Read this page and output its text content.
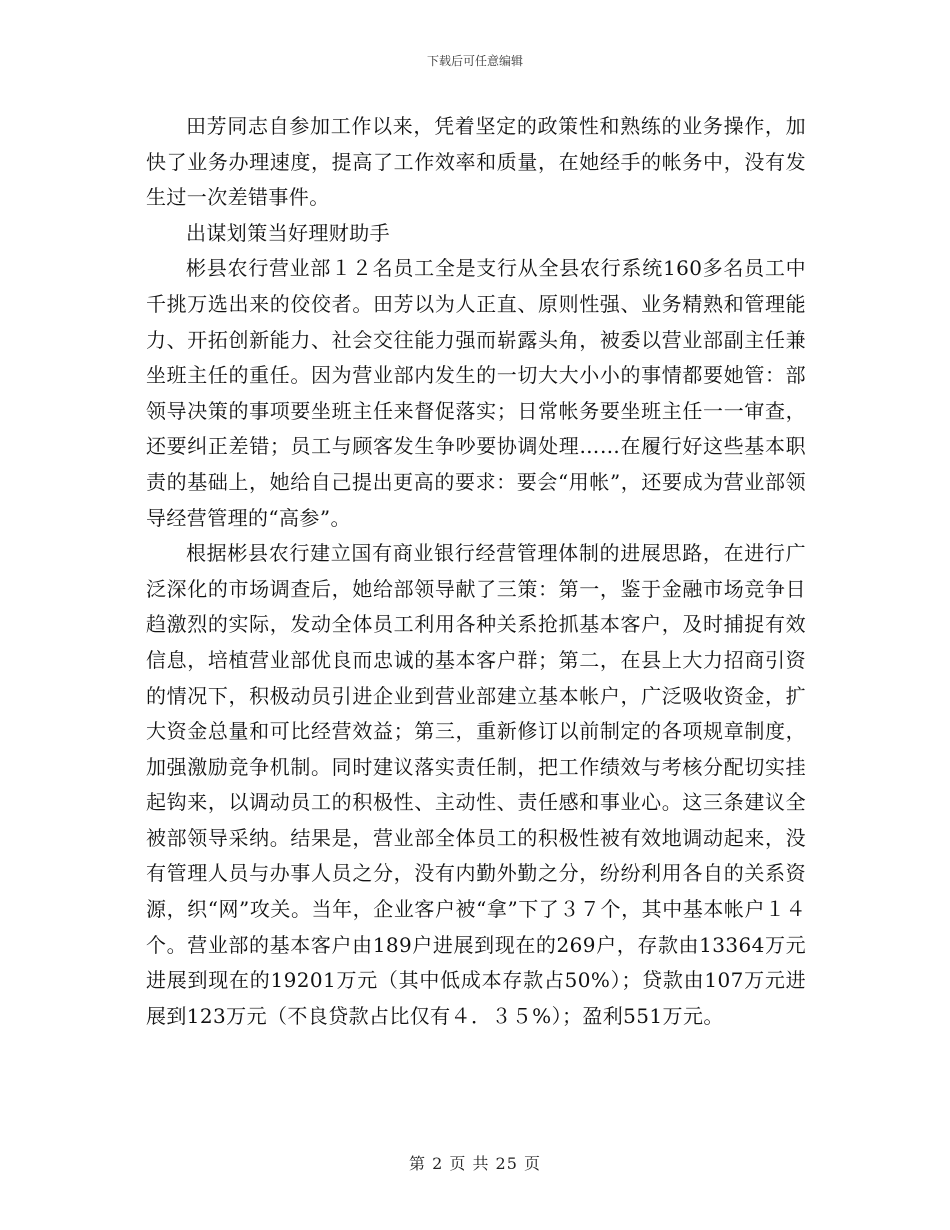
下载后可任意编辑

田芳同志自参加工作以来，凭着坚定的政策性和熟练的业务操作，加快了业务办理速度，提高了工作效率和质量，在她经手的帐务中，没有发生过一次差错事件。

出谋划策当好理财助手

彬县农行营业部１２名员工全是支行从全县农行系统160多名员工中千挑万选出来的佼佼者。田芳以为人正直、原则性强、业务精熟和管理能力、开拓创新能力、社会交往能力强而崭露头角，被委以营业部副主任兼坐班主任的重任。因为营业部内发生的一切大大小小的事情都要她管：部领导决策的事项要坐班主任来督促落实；日常帐务要坐班主任一一审查，还要纠正差错；员工与顾客发生争吵要协调处理……在履行好这些基本职责的基础上，她给自己提出更高的要求：要会“用帐”，还要成为营业部领导经营管理的“高参”。

根据彬县农行建立国有商业银行经营管理体制的进展思路，在进行广泛深化的市场调查后，她给部领导献了三策：第一，鉴于金融市场竞争日趋激烈的实际，发动全体员工利用各种关系抢抓基本客户，及时捕捉有效信息，培植营业部优良而忠诚的基本客户群；第二，在县上大力招商引资的情况下，积极动员引进企业到营业部建立基本帐户，广泛吸收资金，扩大资金总量和可比经营效益；第三，重新修订以前制定的各项规章制度，加强激励竞争机制。同时建议落实责任制，把工作绩效与考核分配切实挂起钩来，以调动员工的积极性、主动性、责任感和事业心。这三条建议全被部领导采纳。结果是，营业部全体员工的积极性被有效地调动起来，没有管理人员与办事人员之分，没有内勤外勤之分，纷纷利用各自的关系资源，织“网”攻关。当年，企业客户被“拿”下了３７个，其中基本帐户１４个。营业部的基本客户由189户进展到现在的269户，存款由13364万元进展到现在的19201万元（其中低成本存款占50%）；贷款由107万元进展到123万元（不良贷款占比仅有４．３５%）；盈利551万元。

第 2 页 共 25 页
